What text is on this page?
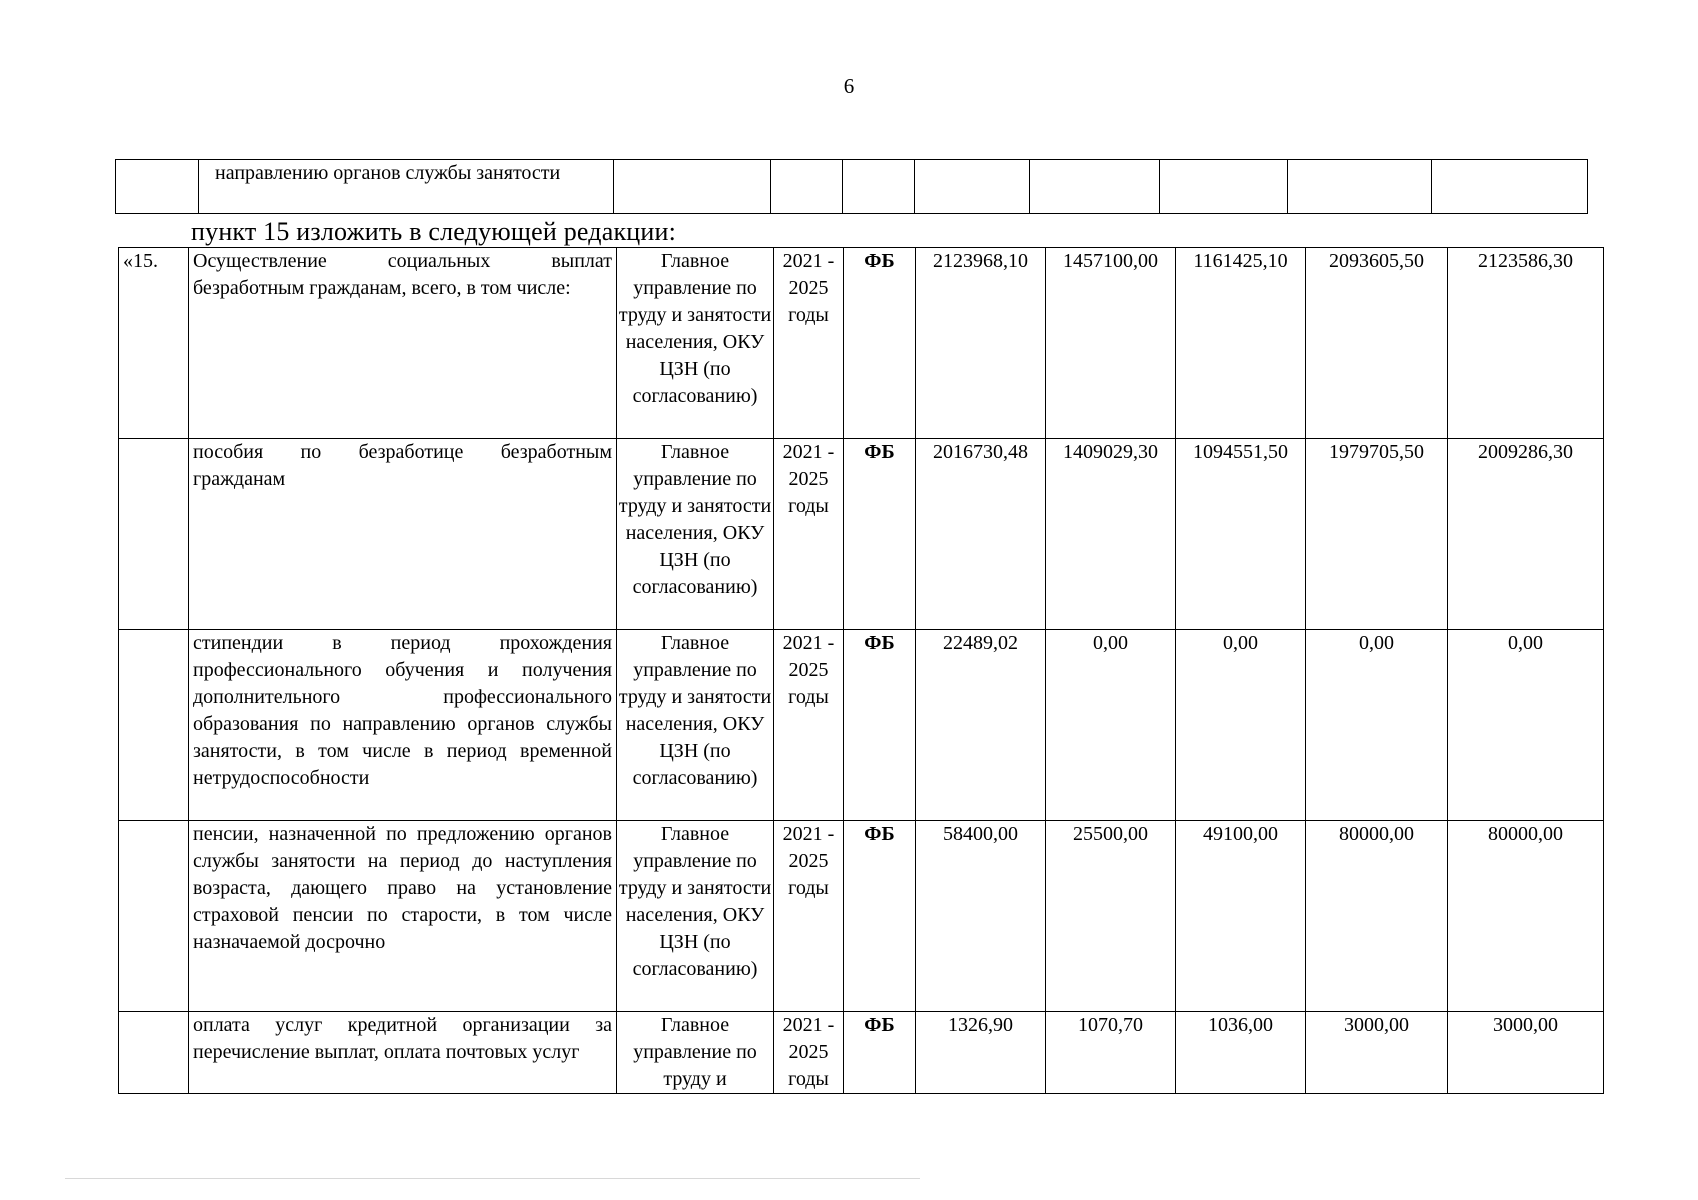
6
	направлению органов службы занятости								
пункт 15 изложить в следующей редакции:
«15.	Осуществление социальных выплат безработным гражданам, всего, в том числе:	Главное управление по труду и занятости населения, ОКУ ЦЗН (по согласованию)	2021 - 2025 годы	ФБ	2123968,10	1457100,00	1161425,10	2093605,50	2123586,30
	пособия по безработице безработным гражданам	Главное управление по труду и занятости населения, ОКУ ЦЗН (по согласованию)	2021 - 2025 годы	ФБ	2016730,48	1409029,30	1094551,50	1979705,50	2009286,30
	стипендии в период прохождения профессионального обучения и получения дополнительного профессионального образования по направлению органов службы занятости, в том числе в период временной нетрудоспособности	Главное управление по труду и занятости населения, ОКУ ЦЗН (по согласованию)	2021 - 2025 годы	ФБ	22489,02	0,00	0,00	0,00	0,00
	пенсии, назначенной по предложению органов службы занятости на период до наступления возраста, дающего право на установление страховой пенсии по старости, в том числе назначаемой досрочно	Главное управление по труду и занятости населения, ОКУ ЦЗН (по согласованию)	2021 - 2025 годы	ФБ	58400,00	25500,00	49100,00	80000,00	80000,00
	оплата услуг кредитной организации за перечисление выплат, оплата почтовых услуг	Главное управление по труду и	2021 - 2025 годы	ФБ	1326,90	1070,70	1036,00	3000,00	3000,00
